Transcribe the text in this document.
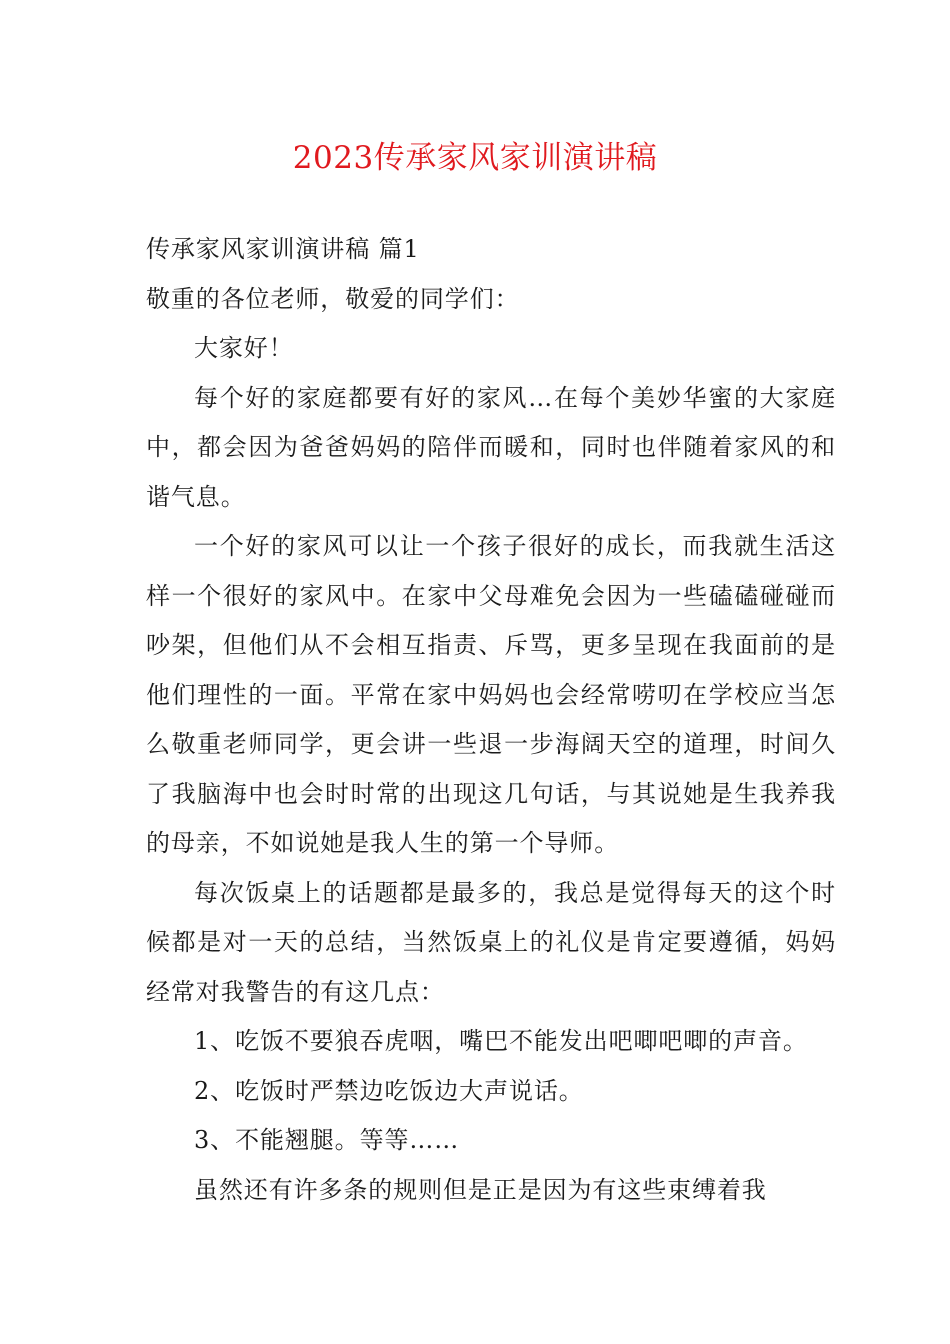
2023传承家风家训演讲稿

传承家风家训演讲稿 篇1

敬重的各位老师，敬爱的同学们：

大家好！

每个好的家庭都要有好的家风…在每个美妙华蜜的大家庭中，都会因为爸爸妈妈的陪伴而暖和，同时也伴随着家风的和谐气息。

一个好的家风可以让一个孩子很好的成长，而我就生活这样一个很好的家风中。在家中父母难免会因为一些磕磕碰碰而吵架，但他们从不会相互指责、斥骂，更多呈现在我面前的是他们理性的一面。平常在家中妈妈也会经常唠叨在学校应当怎么敬重老师同学，更会讲一些退一步海阔天空的道理，时间久了我脑海中也会时时常的出现这几句话，与其说她是生我养我的母亲，不如说她是我人生的第一个导师。

每次饭桌上的话题都是最多的，我总是觉得每天的这个时候都是对一天的总结，当然饭桌上的礼仪是肯定要遵循，妈妈经常对我警告的有这几点：

1、吃饭不要狼吞虎咽，嘴巴不能发出吧唧吧唧的声音。

2、吃饭时严禁边吃饭边大声说话。

3、不能翘腿。等等……

虽然还有许多条的规则但是正是因为有这些束缚着我
